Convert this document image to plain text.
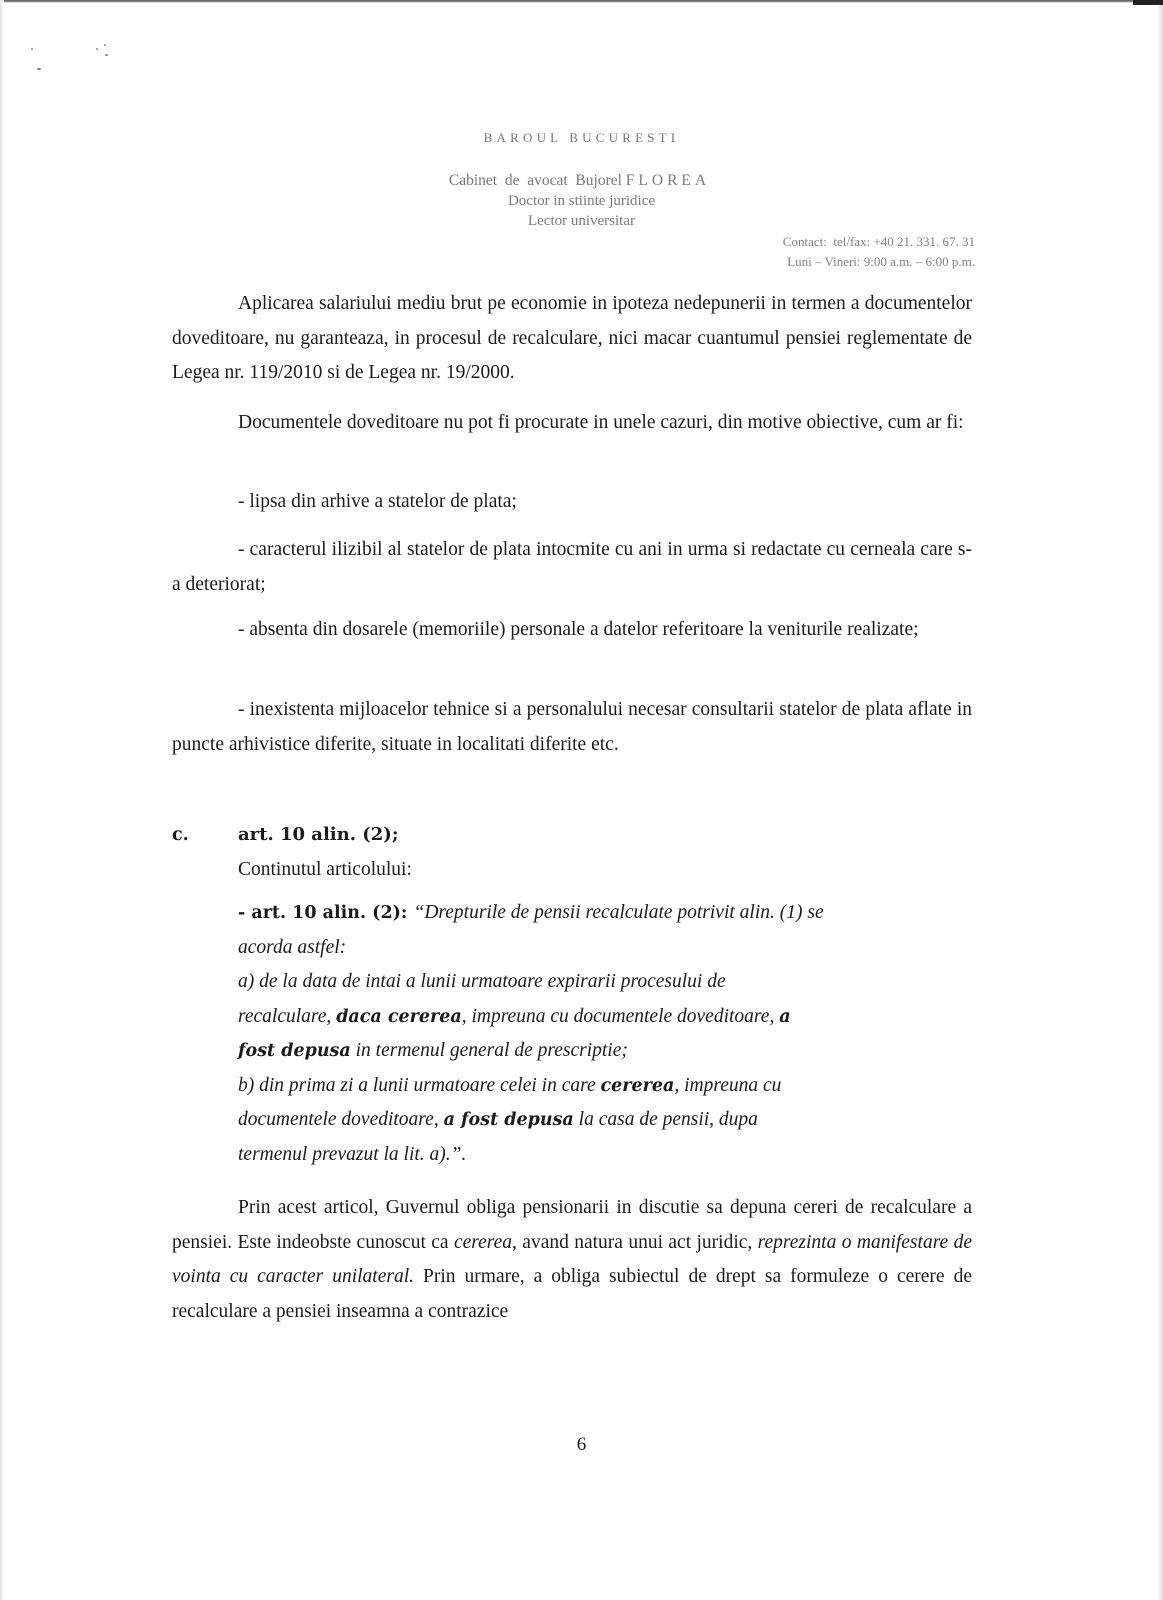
BAROUL BUCURESTI
Cabinet  de  avocat  Bujorel FLOREA
Doctor in stiinte juridice
Lector universitar
Contact:  tel/fax: +40 21. 331. 67. 31
Luni – Vineri: 9:00 a.m. – 6:00 p.m.

Aplicarea salariului mediu brut pe economie in ipoteza nedepunerii in termen a documentelor doveditoare, nu garanteaza, in procesul de recalculare, nici macar cuantumul pensiei reglementate de Legea nr. 119/2010 si de Legea nr. 19/2000.

Documentele doveditoare nu pot fi procurate in unele cazuri, din motive obiective, cum ar fi:

- lipsa din arhive a statelor de plata;

- caracterul ilizibil al statelor de plata intocmite cu ani in urma si redactate cu cerneala care s-a deteriorat;

- absenta din dosarele (memoriile) personale a datelor referitoare la veniturile realizate;

- inexistenta mijloacelor tehnice si a personalului necesar consultarii statelor de plata aflate in puncte arhivistice diferite, situate in localitati diferite etc.

c.	art. 10 alin. (2);
Continutul articolului:
- art. 10 alin. (2): “Drepturile de pensii recalculate potrivit alin. (1) se
acorda astfel:
a) de la data de intai a lunii urmatoare expirarii procesului de
recalculare, daca cererea, impreuna cu documentele doveditoare, a
fost depusa in termenul general de prescriptie;
b) din prima zi a lunii urmatoare celei in care cererea, impreuna cu
documentele doveditoare, a fost depusa la casa de pensii, dupa
termenul prevazut la lit. a).”.

Prin acest articol, Guvernul obliga pensionarii in discutie sa depuna cereri de recalculare a pensiei. Este indeobste cunoscut ca cererea, avand natura unui act juridic, reprezinta o manifestare de vointa cu caracter unilateral. Prin urmare, a obliga subiectul de drept sa formuleze o cerere de recalculare a pensiei inseamna a contrazice

6
